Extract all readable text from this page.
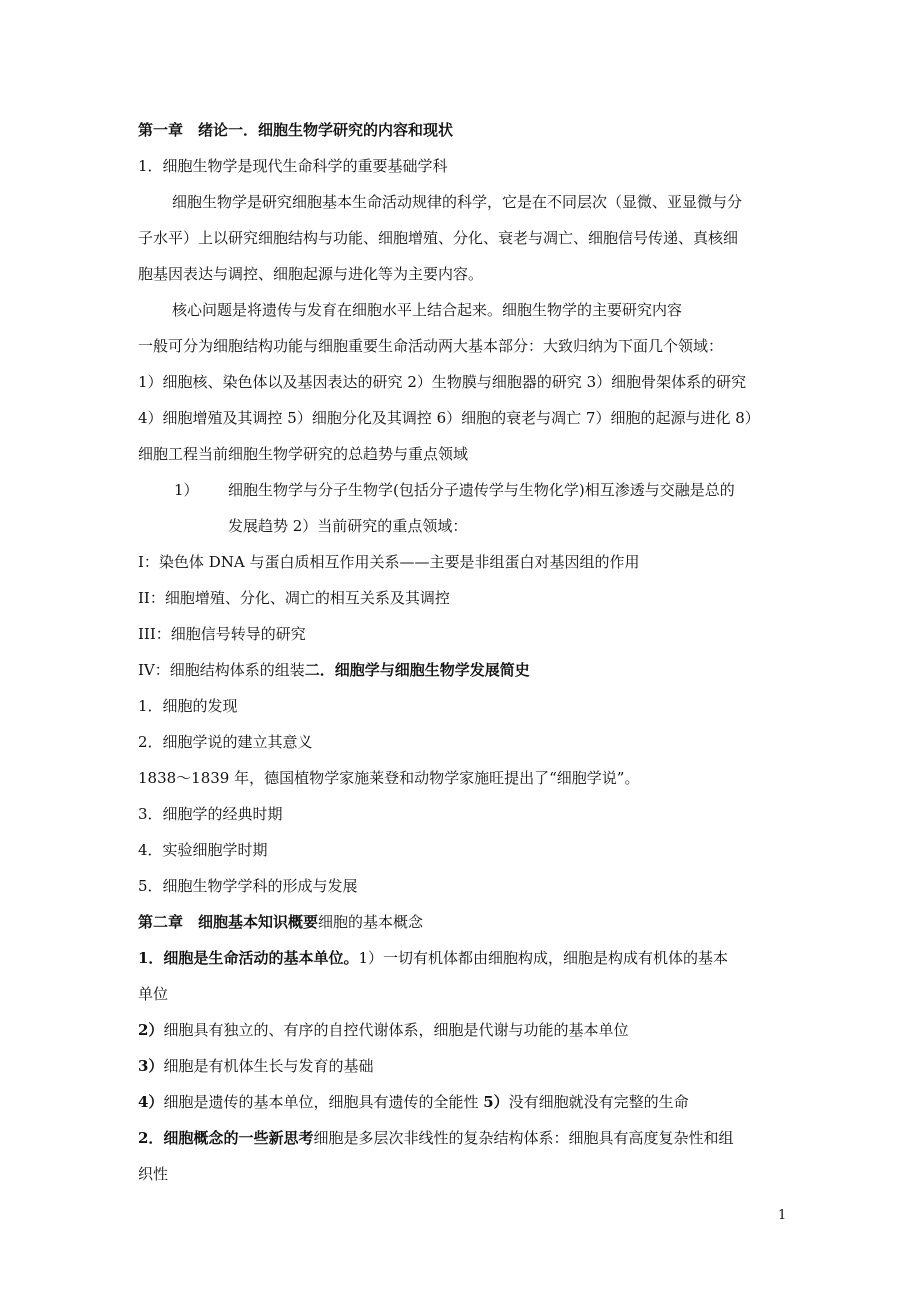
第一章　绪论一．细胞生物学研究的内容和现状
1．细胞生物学是现代生命科学的重要基础学科
细胞生物学是研究细胞基本生命活动规律的科学，它是在不同层次（显微、亚显微与分
子水平）上以研究细胞结构与功能、细胞增殖、分化、衰老与凋亡、细胞信号传递、真核细
胞基因表达与调控、细胞起源与进化等为主要内容。
核心问题是将遗传与发育在细胞水平上结合起来。细胞生物学的主要研究内容
一般可分为细胞结构功能与细胞重要生命活动两大基本部分：大致归纳为下面几个领域：
1）细胞核、染色体以及基因表达的研究 2）生物膜与细胞器的研究 3）细胞骨架体系的研究
4）细胞增殖及其调控 5）细胞分化及其调控 6）细胞的衰老与凋亡 7）细胞的起源与进化 8）
细胞工程当前细胞生物学研究的总趋势与重点领域
1） 细胞生物学与分子生物学(包括分子遗传学与生物化学)相互渗透与交融是总的
发展趋势 2）当前研究的重点领域：
I：染色体 DNA 与蛋白质相互作用关系——主要是非组蛋白对基因组的作用
II：细胞增殖、分化、凋亡的相互关系及其调控
III：细胞信号转导的研究
IV：细胞结构体系的组装二．细胞学与细胞生物学发展简史
1．细胞的发现
2．细胞学说的建立其意义
1838～1839 年，德国植物学家施莱登和动物学家施旺提出了“细胞学说”。
3．细胞学的经典时期
4．实验细胞学时期
5．细胞生物学学科的形成与发展
第二章　细胞基本知识概要细胞的基本概念
1．细胞是生命活动的基本单位。1）一切有机体都由细胞构成，细胞是构成有机体的基本
单位
2）细胞具有独立的、有序的自控代谢体系，细胞是代谢与功能的基本单位
3）细胞是有机体生长与发育的基础
4）细胞是遗传的基本单位，细胞具有遗传的全能性 5）没有细胞就没有完整的生命
2．细胞概念的一些新思考细胞是多层次非线性的复杂结构体系：细胞具有高度复杂性和组
织性
1
